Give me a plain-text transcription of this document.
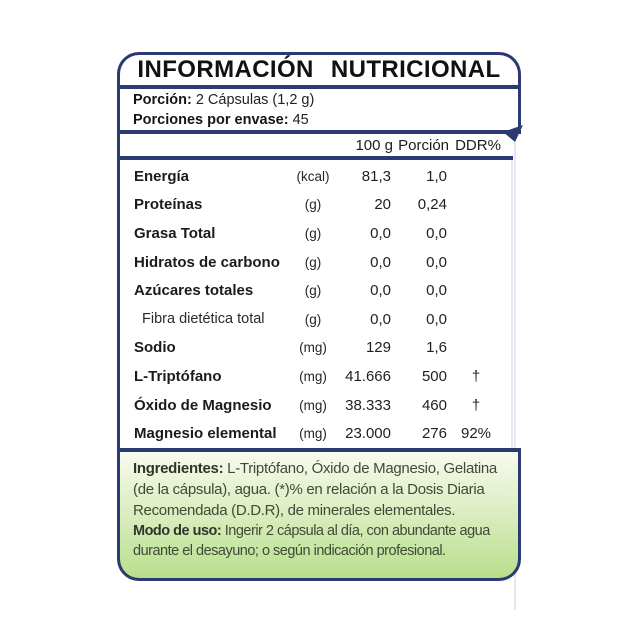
INFORMACIÓN NUTRICIONAL
Porción: 2 Cápsulas (1,2 g)
Porciones por envase: 45
100 g Porción DDR%
Energía	(kcal)	81,3	1,0
Proteínas	(g)	20	0,24
Grasa Total	(g)	0,0	0,0
Hidratos de carbono	(g)	0,0	0,0
Azúcares totales	(g)	0,0	0,0
Fibra dietética total	(g)	0,0	0,0
Sodio	(mg)	129	1,6
L-Triptófano	(mg)	41.666	500	†
Óxido de Magnesio	(mg)	38.333	460	†
Magnesio elemental	(mg)	23.000	276 92%

Ingredientes: L-Triptófano, Óxido de Magnesio, Gelatina (de la cápsula), agua. (*)% en relación a la Dosis Diaria Recomendada (D.D.R), de minerales elementales.

Modo de uso: Ingerir 2 cápsula al día, con abundante agua durante el desayuno; o según indicación profesional.
